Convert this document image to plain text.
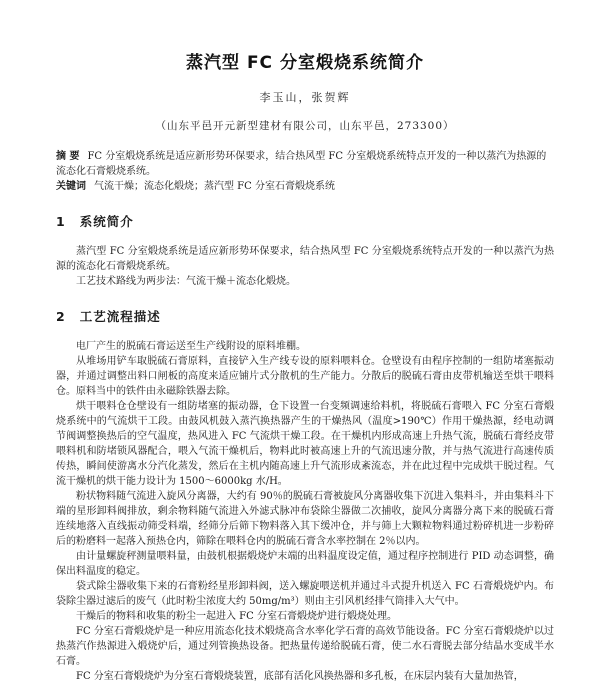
蒸汽型 FC 分室煅烧系统简介
李玉山，张贺辉
（山东平邑开元新型建材有限公司，山东平邑，273300）
摘 要 FC 分室煅烧系统是适应新形势环保要求，结合热风型 FC 分室煅烧系统特点开发的一种以蒸汽为热源的流态化石膏煅烧系统。
关键词 气流干燥；流态化煅烧；蒸汽型 FC 分室石膏煅烧系统
1 系统简介

蒸汽型 FC 分室煅烧系统是适应新形势环保要求，结合热风型 FC 分室煅烧系统特点开发的一种以蒸汽为热源的流态化石膏煅烧系统。

工艺技术路线为两步法：气流干燥＋流态化煅烧。

2 工艺流程描述

电厂产生的脱硫石膏运送至生产线附设的原料堆棚。

从堆场用铲车取脱硫石膏原料，直接铲入生产线专设的原料喂料仓。仓壁设有由程序控制的一组防堵塞振动器，并通过调整出料口闸板的高度来适应铺片式分散机的生产能力。分散后的脱硫石膏由皮带机输送至烘干喂料仓。原料当中的铁件由永磁除铁器去除。

烘干喂料仓仓壁设有一组防堵塞的振动器，仓下设置一台变频调速给料机，将脱硫石膏喂入 FC 分室石膏煅烧系统中的气流烘干工段。由鼓风机鼓入蒸汽换热器产生的干燥热风（温度>190℃）作用干燥热源，经电动调节阀调整换热后的空气温度，热风进入 FC 气流烘干燥工段。在干燥机内形成高速上升热气流，脱硫石膏经皮带喂料机和防堵锁风器配合，喂入气流干燥机后，物料此时被高速上升的气流迅速分散，并与热气流进行高速传质传热，瞬间使游离水分汽化蒸发，然后在主机内随高速上升气流形成紊流态，并在此过程中完成烘干脱过程。气流干燥机的烘干能力设计为 1500～6000kg 水/H。

粉状物料随气流进入旋风分离器，大约有 90％的脱硫石膏被旋风分离器收集下沉进入集料斗，并由集料斗下端的星形卸料阀排放，剩余物料随气流进入外滤式脉冲布袋除尘器做二次捕收，旋风分离器分离下来的脱硫石膏连续地落入直线振动筛受料端，经筛分后筛下物料落入其下缓冲仓，并与筛上大颗粒物料通过粉碎机进一步粉碎后的粉磨料一起落入预热仓内，筛除在喂料仓内的脱硫石膏含水率控制在 2％以内。

由计量螺旋秤测量喂料量，由鼓机根据煅烧炉末端的出料温度设定值，通过程序控制进行 PID 动态调整，确保出料温度的稳定。

袋式除尘器收集下来的石膏粉经星形卸料阀，送入螺旋喂送机并通过斗式提升机送入 FC 石膏煅烧炉内。布袋除尘器过滤后的废气（此时粉尘浓度大约 50mg/m³）则由主引风机经排气筒排入大气中。

干燥后的物料和收集的粉尘一起进入 FC 分室石膏煅烧炉进行煅烧处理。

FC 分室石膏煅烧炉是一种应用流态化技术煅烧高含水率化学石膏的高效节能设备。FC 分室石膏煅烧炉以过热蒸汽作热源进入煅烧炉后，通过列管换热设备。把热量传递给脱硫石膏，使二水石膏脱去部分结晶水变成半水石膏。

FC 分室石膏煅烧炉为分室石膏煅烧装置，底部有活化风换热器和多孔板，在床层内装有大量加热管，
